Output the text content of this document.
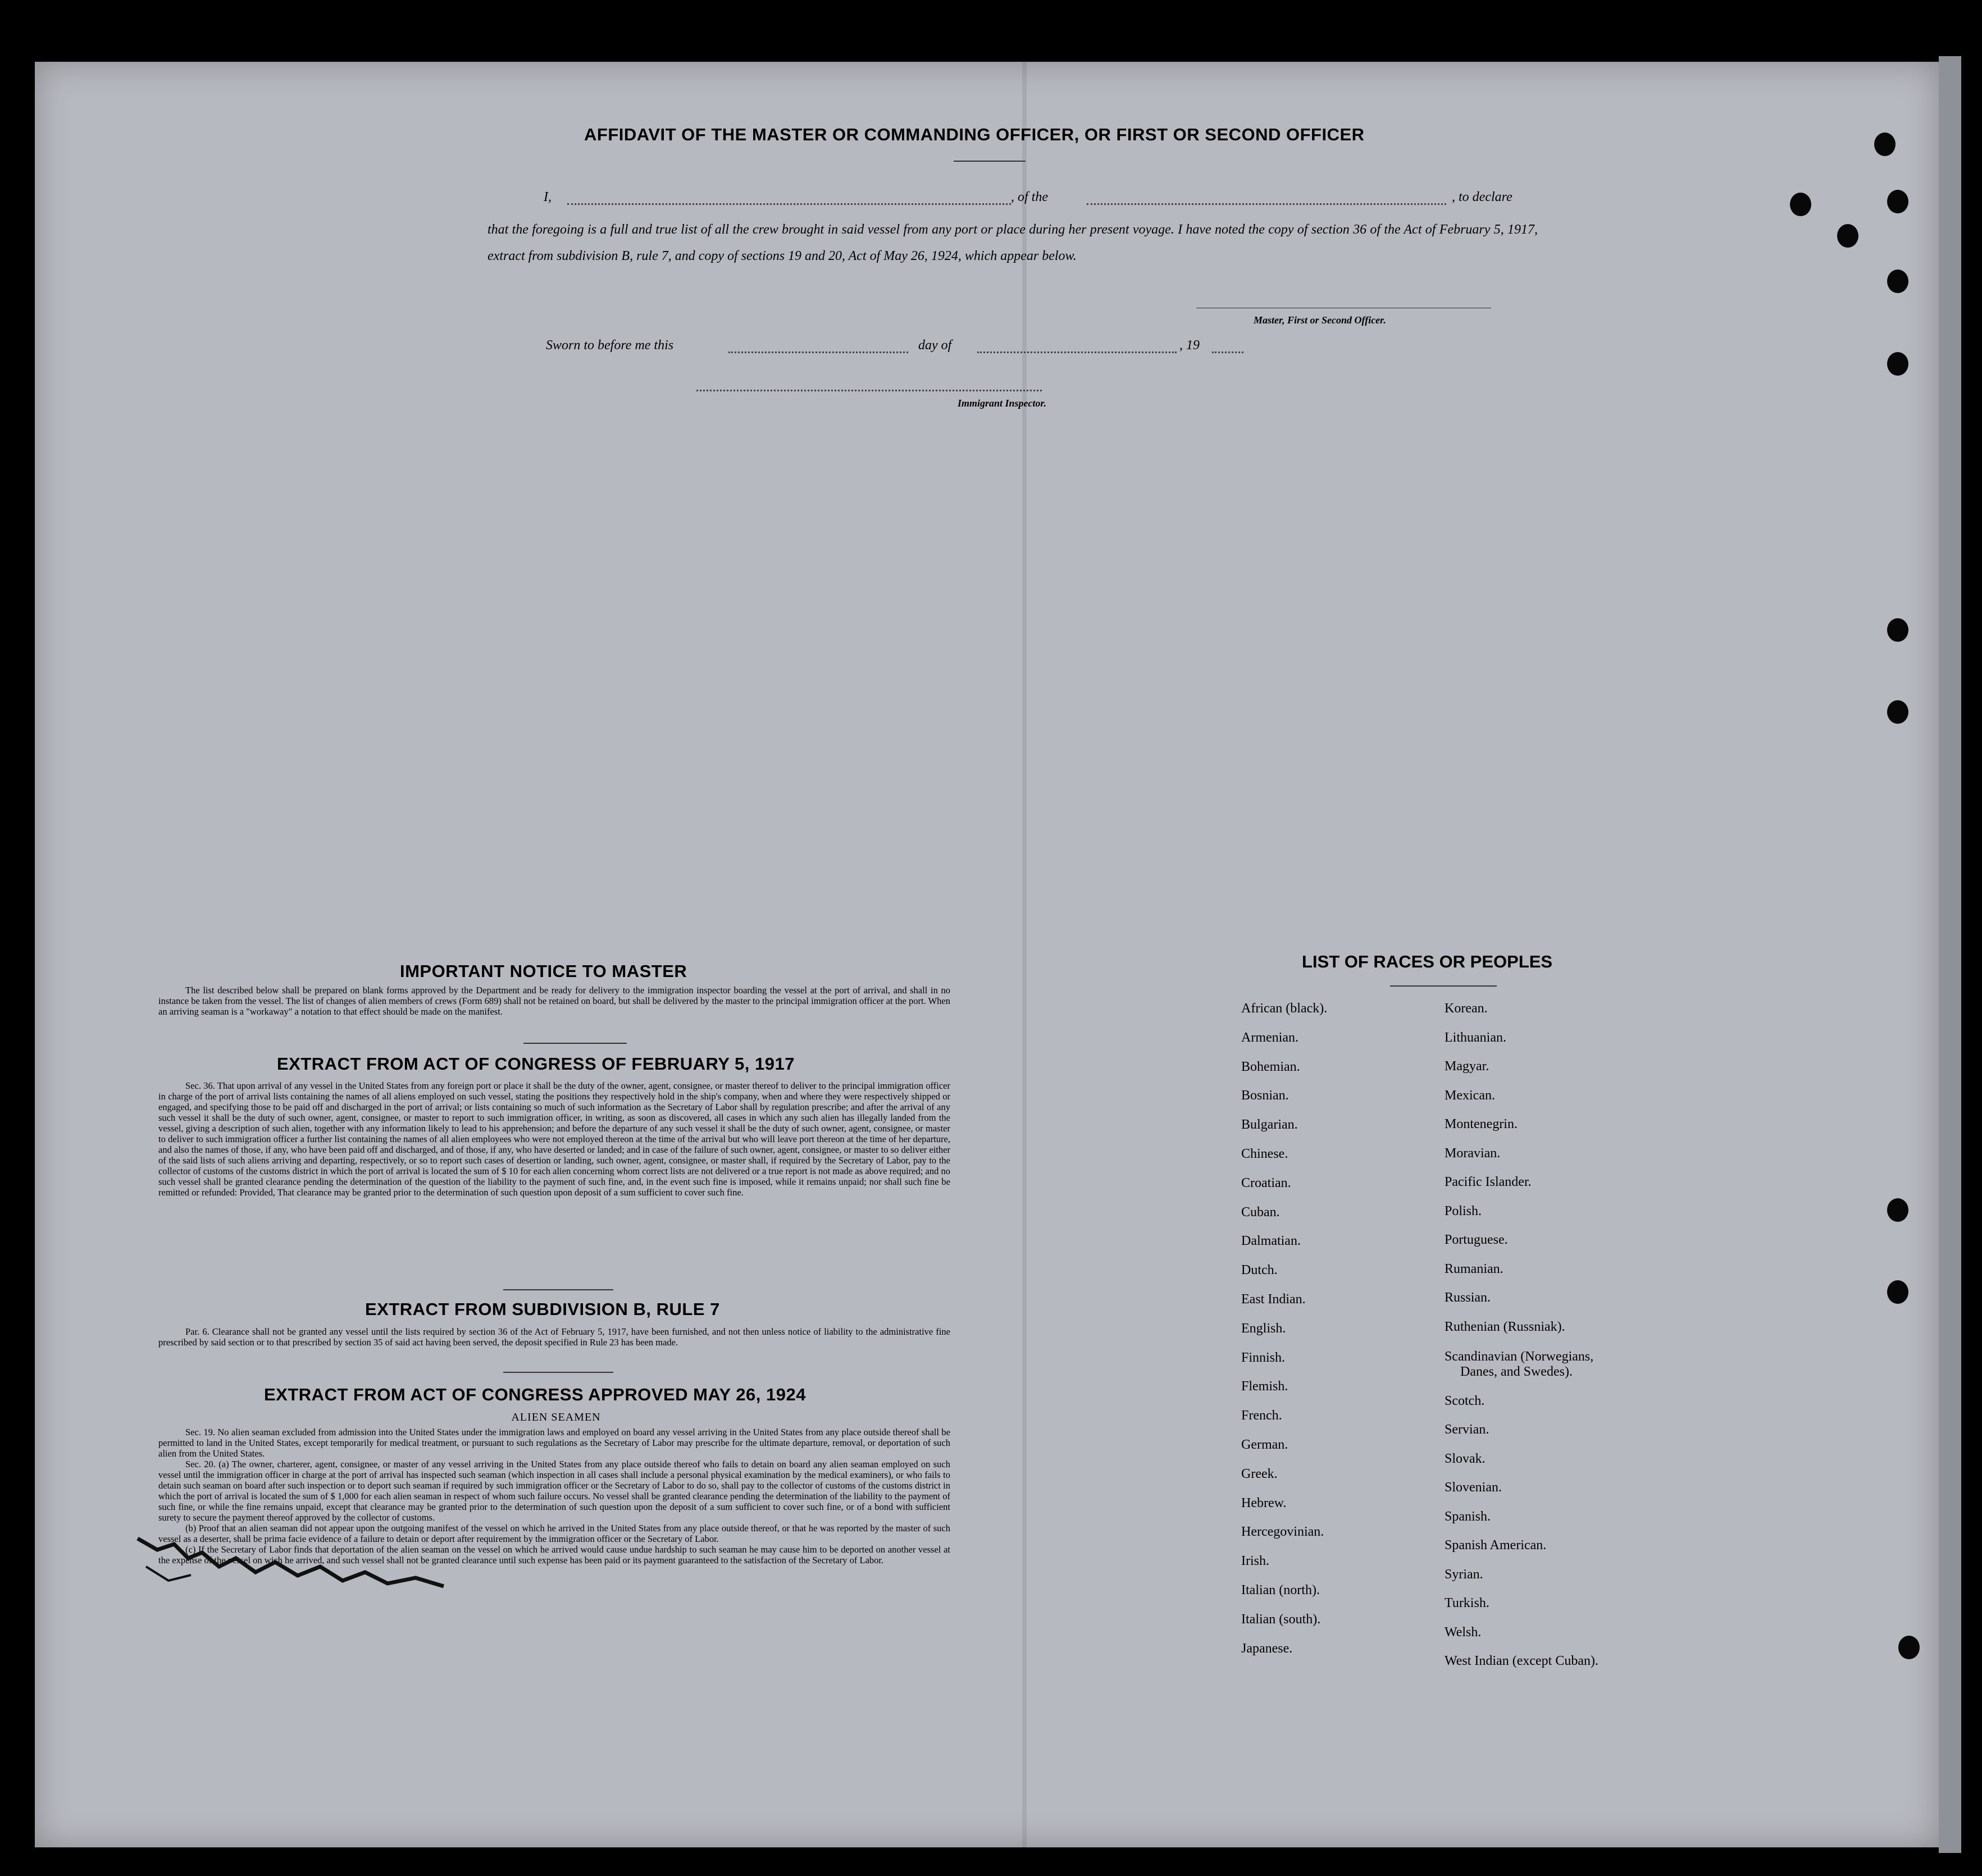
AFFIDAVIT OF THE MASTER OR COMMANDING OFFICER, OR FIRST OR SECOND OFFICER
I,	, of the	, to declare
that the foregoing is a full and true list of all the crew brought in said vessel from any port or place during her present voyage. I have noted the copy of section 36 of the Act of February 5, 1917, extract from subdivision B, rule 7, and copy of sections 19 and 20, Act of May 26, 1924, which appear below.
Master, First or Second Officer.
Sworn to before me this	day of	, 19
Immigrant Inspector.
IMPORTANT NOTICE TO MASTER

The list described below shall be prepared on blank forms approved by the Department and be ready for delivery to the immigration inspector boarding the vessel at the port of arrival, and shall in no instance be taken from the vessel. The list of changes of alien members of crews (Form 689) shall not be retained on board, but shall be delivered by the master to the principal immigration officer at the port. When an arriving seaman is a "workaway" a notation to that effect should be made on the manifest.

EXTRACT FROM ACT OF CONGRESS OF FEBRUARY 5, 1917

Sec. 36. That upon arrival of any vessel in the United States from any foreign port or place it shall be the duty of the owner, agent, consignee, or master thereof to deliver to the principal immigration officer in charge of the port of arrival lists containing the names of all aliens employed on such vessel, stating the positions they respectively hold in the ship's company, when and where they were respectively shipped or engaged, and specifying those to be paid off and discharged in the port of arrival; or lists containing so much of such information as the Secretary of Labor shall by regulation prescribe; and after the arrival of any such vessel it shall be the duty of such owner, agent, consignee, or master to report to such immigration officer, in writing, as soon as discovered, all cases in which any such alien has illegally landed from the vessel, giving a description of such alien, together with any information likely to lead to his apprehension; and before the departure of any such vessel it shall be the duty of such owner, agent, consignee, or master to deliver to such immigration officer a further list containing the names of all alien employees who were not employed thereon at the time of the arrival but who will leave port thereon at the time of her departure, and also the names of those, if any, who have been paid off and discharged, and of those, if any, who have deserted or landed; and in case of the failure of such owner, agent, consignee, or master to so deliver either of the said lists of such aliens arriving and departing, respectively, or so to report such cases of desertion or landing, such owner, agent, consignee, or master shall, if required by the Secretary of Labor, pay to the collector of customs of the customs district in which the port of arrival is located the sum of $ 10 for each alien concerning whom correct lists are not delivered or a true report is not made as above required; and no such vessel shall be granted clearance pending the determination of the question of the liability to the payment of such fine, and, in the event such fine is imposed, while it remains unpaid; nor shall such fine be remitted or refunded: Provided, That clearance may be granted prior to the determination of such question upon deposit of a sum sufficient to cover such fine.

EXTRACT FROM SUBDIVISION B, RULE 7

Par. 6. Clearance shall not be granted any vessel until the lists required by section 36 of the Act of February 5, 1917, have been furnished, and not then unless notice of liability to the administrative fine prescribed by said section or to that prescribed by section 35 of said act having been served, the deposit specified in Rule 23 has been made.

EXTRACT FROM ACT OF CONGRESS APPROVED MAY 26, 1924
ALIEN SEAMEN

Sec. 19. No alien seaman excluded from admission into the United States under the immigration laws and employed on board any vessel arriving in the United States from any place outside thereof shall be permitted to land in the United States, except temporarily for medical treatment, or pursuant to such regulations as the Secretary of Labor may prescribe for the ultimate departure, removal, or deportation of such alien from the United States.

Sec. 20. (a) The owner, charterer, agent, consignee, or master of any vessel arriving in the United States from any place outside thereof who fails to detain on board any alien seaman employed on such vessel until the immigration officer in charge at the port of arrival has inspected such seaman (which inspection in all cases shall include a personal physical examination by the medical examiners), or who fails to detain such seaman on board after such inspection or to deport such seaman if required by such immigration officer or the Secretary of Labor to do so, shall pay to the collector of customs of the customs district in which the port of arrival is located the sum of $ 1,000 for each alien seaman in respect of whom such failure occurs. No vessel shall be granted clearance pending the determination of the liability to the payment of such fine, or while the fine remains unpaid, except that clearance may be granted prior to the determination of such question upon the deposit of a sum sufficient to cover such fine, or of a bond with sufficient surety to secure the payment thereof approved by the collector of customs.

(b) Proof that an alien seaman did not appear upon the outgoing manifest of the vessel on which he arrived in the United States from any place outside thereof, or that he was reported by the master of such vessel as a deserter, shall be prima facie evidence of a failure to detain or deport after requirement by the immigration officer or the Secretary of Labor.

(c) If the Secretary of Labor finds that deportation of the alien seaman on the vessel on which he arrived would cause undue hardship to such seaman he may cause him to be deported on another vessel at the expense of the vessel on wich he arrived, and such vessel shall not be granted clearance until such expense has been paid or its payment guaranteed to the satisfaction of the Secretary of Labor.

LIST OF RACES OR PEOPLES
African (black).
Armenian.
Bohemian.
Bosnian.
Bulgarian.
Chinese.
Croatian.
Cuban.
Dalmatian.
Dutch.
East Indian.
English.
Finnish.
Flemish.
French.
German.
Greek.
Hebrew.
Hercegovinian.
Irish.
Italian (north).
Italian (south).
Japanese.
Korean.
Lithuanian.
Magyar.
Mexican.
Montenegrin.
Moravian.
Pacific Islander.
Polish.
Portuguese.
Rumanian.
Russian.
Ruthenian (Russniak).
Scandinavian (Norwegians,
Danes, and Swedes).
Scotch.
Servian.
Slovak.
Slovenian.
Spanish.
Spanish American.
Syrian.
Turkish.
Welsh.
West Indian (except Cuban).
